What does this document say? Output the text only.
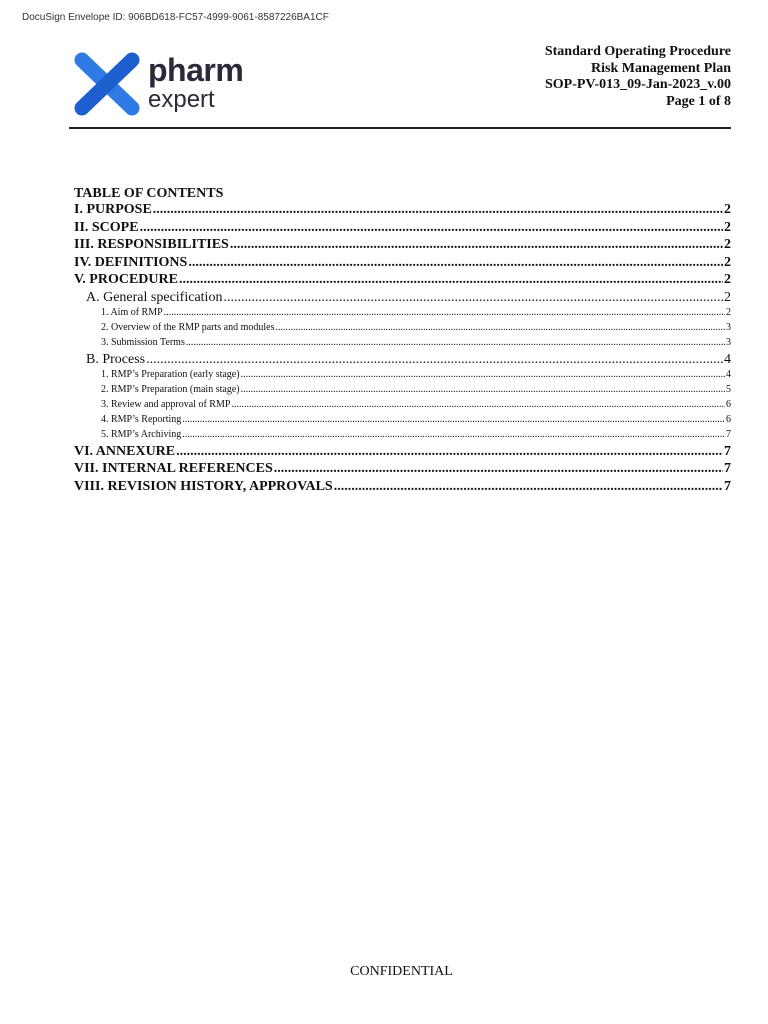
DocuSign Envelope ID: 906BD618-FC57-4999-9061-8587226BA1CF
pharm
expert
Standard Operating Procedure
Risk Management Plan
SOP-PV-013_09-Jan-2023_v.00
Page 1 of 8
TABLE OF CONTENTS
I. PURPOSE .....	2
II. SCOPE .....	2
III. RESPONSIBILITIES .....	2
IV. DEFINITIONS .....	2
V. PROCEDURE .....	2
A. General specification .....	2
1. Aim of RMP .....	2
2. Overview of the RMP parts and modules .....	3
3. Submission Terms .....	3
B. Process .....	4
1. RMP’s Preparation (early stage) .....	4
2. RMP’s Preparation (main stage) .....	5
3. Review and approval of RMP .....	6
4. RMP’s Reporting .....	6
5. RMP’s Archiving .....	7
VI. ANNEXURE .....	7
VII. INTERNAL REFERENCES .....	7
VIII. REVISION HISTORY, APPROVALS .....	7
CONFIDENTIAL
